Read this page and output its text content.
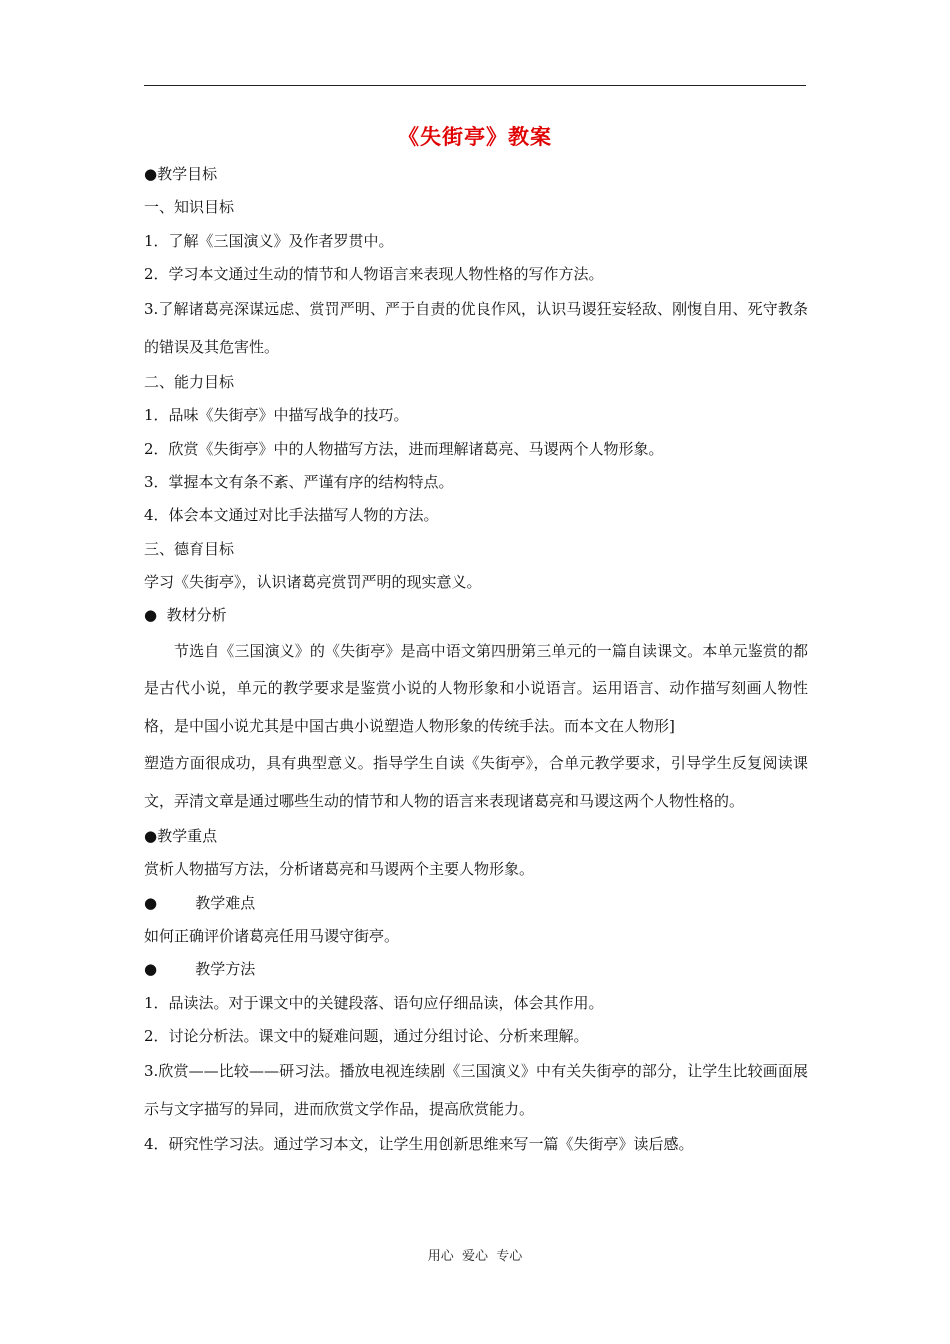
《失街亭》教案
●教学目标
一、知识目标
1．了解《三国演义》及作者罗贯中。
2．学习本文通过生动的情节和人物语言来表现人物性格的写作方法。
3.了解诸葛亮深谋远虑、赏罚严明、严于自责的优良作风，认识马谡狂妄轻敌、刚愎自用、死守教条的错误及其危害性。
二、能力目标
1．品味《失街亭》中描写战争的技巧。
2．欣赏《失街亭》中的人物描写方法，进而理解诸葛亮、马谡两个人物形象。
3．掌握本文有条不紊、严谨有序的结构特点。
4．体会本文通过对比手法描写人物的方法。
三、德育目标
学习《失街亭》，认识诸葛亮赏罚严明的现实意义。
●  教材分析
节选自《三国演义》的《失街亭》是高中语文第四册第三单元的一篇自读课文。本单元鉴赏的都是古代小说，单元的教学要求是鉴赏小说的人物形象和小说语言。运用语言、动作描写刻画人物性格，是中国小说尤其是中国古典小说塑造人物形象的传统手法。而本文在人物形]
塑造方面很成功，具有典型意义。指导学生自读《失街亭》，合单元教学要求，引导学生反复阅读课文，弄清文章是通过哪些生动的情节和人物的语言来表现诸葛亮和马谡这两个人物性格的。
●教学重点
赏析人物描写方法，分析诸葛亮和马谡两个主要人物形象。
●        教学难点
如何正确评价诸葛亮任用马谡守街亭。
●        教学方法
1．品读法。对于课文中的关键段落、语句应仔细品读，体会其作用。
2．讨论分析法。课文中的疑难问题，通过分组讨论、分析来理解。
3.欣赏——比较——研习法。播放电视连续剧《三国演义》中有关失街亭的部分，让学生比较画面展示与文字描写的异同，进而欣赏文学作品，提高欣赏能力。
4．研究性学习法。通过学习本文，让学生用创新思维来写一篇《失街亭》读后感。
用心  爱心  专心
